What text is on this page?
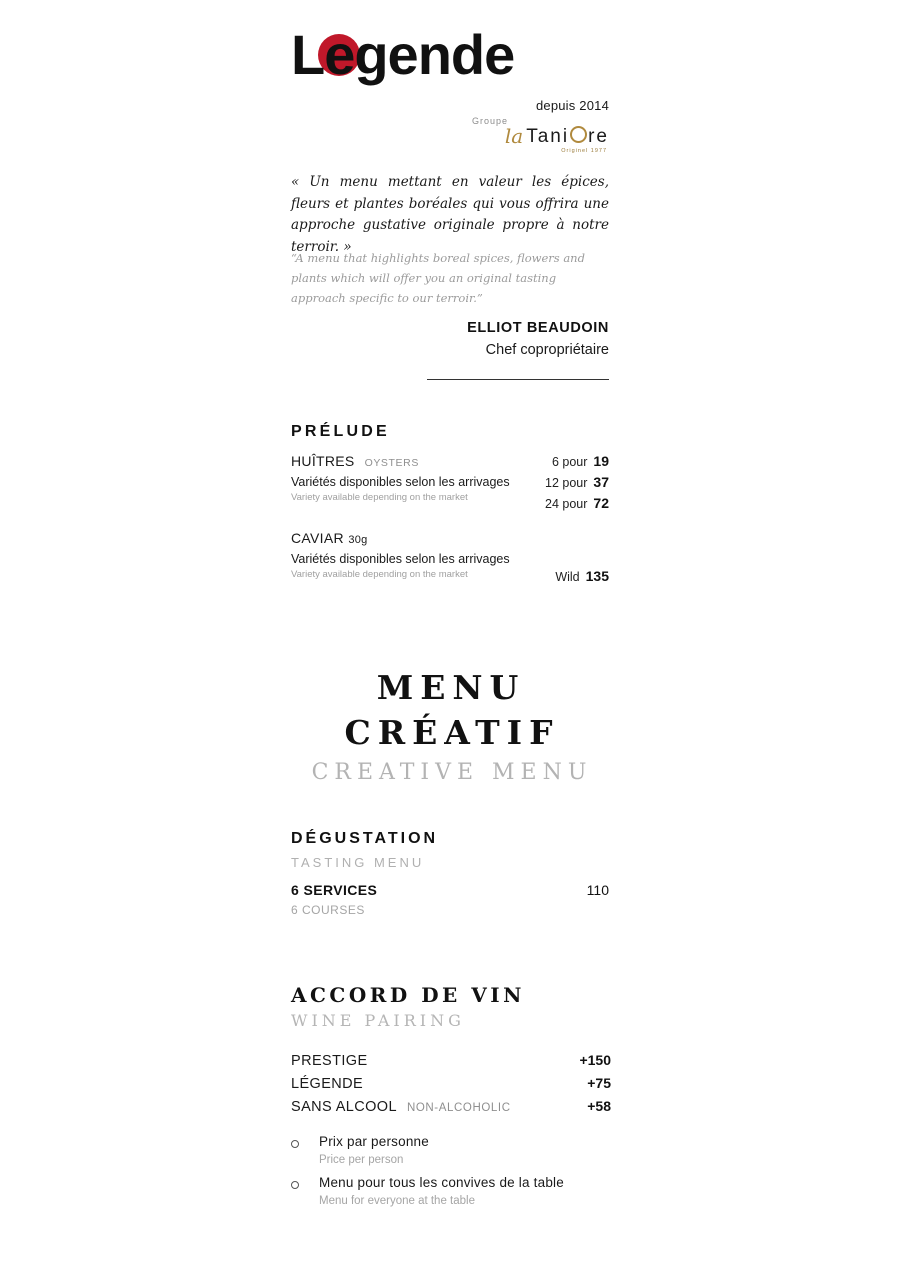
Legende
depuis 2014
Groupe
la Tani re
Originel 1977
« Un menu mettant en valeur les épices, fleurs et plantes boréales qui vous offrira une approche gustative originale propre à notre terroir. »
“A menu that highlights boreal spices, flowers and plants which will offer you an original tasting approach specific to our terroir.”
ELLIOT BEAUDOIN
Chef copropriétaire
PRÉLUDE
HUÎTRES OYSTERS
Variétés disponibles selon les arrivages
Variety available depending on the market
6 pour 19
12 pour 37
24 pour 72
CAVIAR 30g
Variétés disponibles selon les arrivages
Variety available depending on the market	Wild 135
MENU
CRÉATIF
CREATIVE MENU
DÉGUSTATION
TASTING MENU
6 SERVICES	110
6 COURSES
ACCORD DE VIN
WINE PAIRING
PRESTIGE	+150
LÉGENDE	+75
SANS ALCOOL NON-ALCOHOLIC	+58
Prix par personne
Price per person
Menu pour tous les convives de la table
Menu for everyone at the table
